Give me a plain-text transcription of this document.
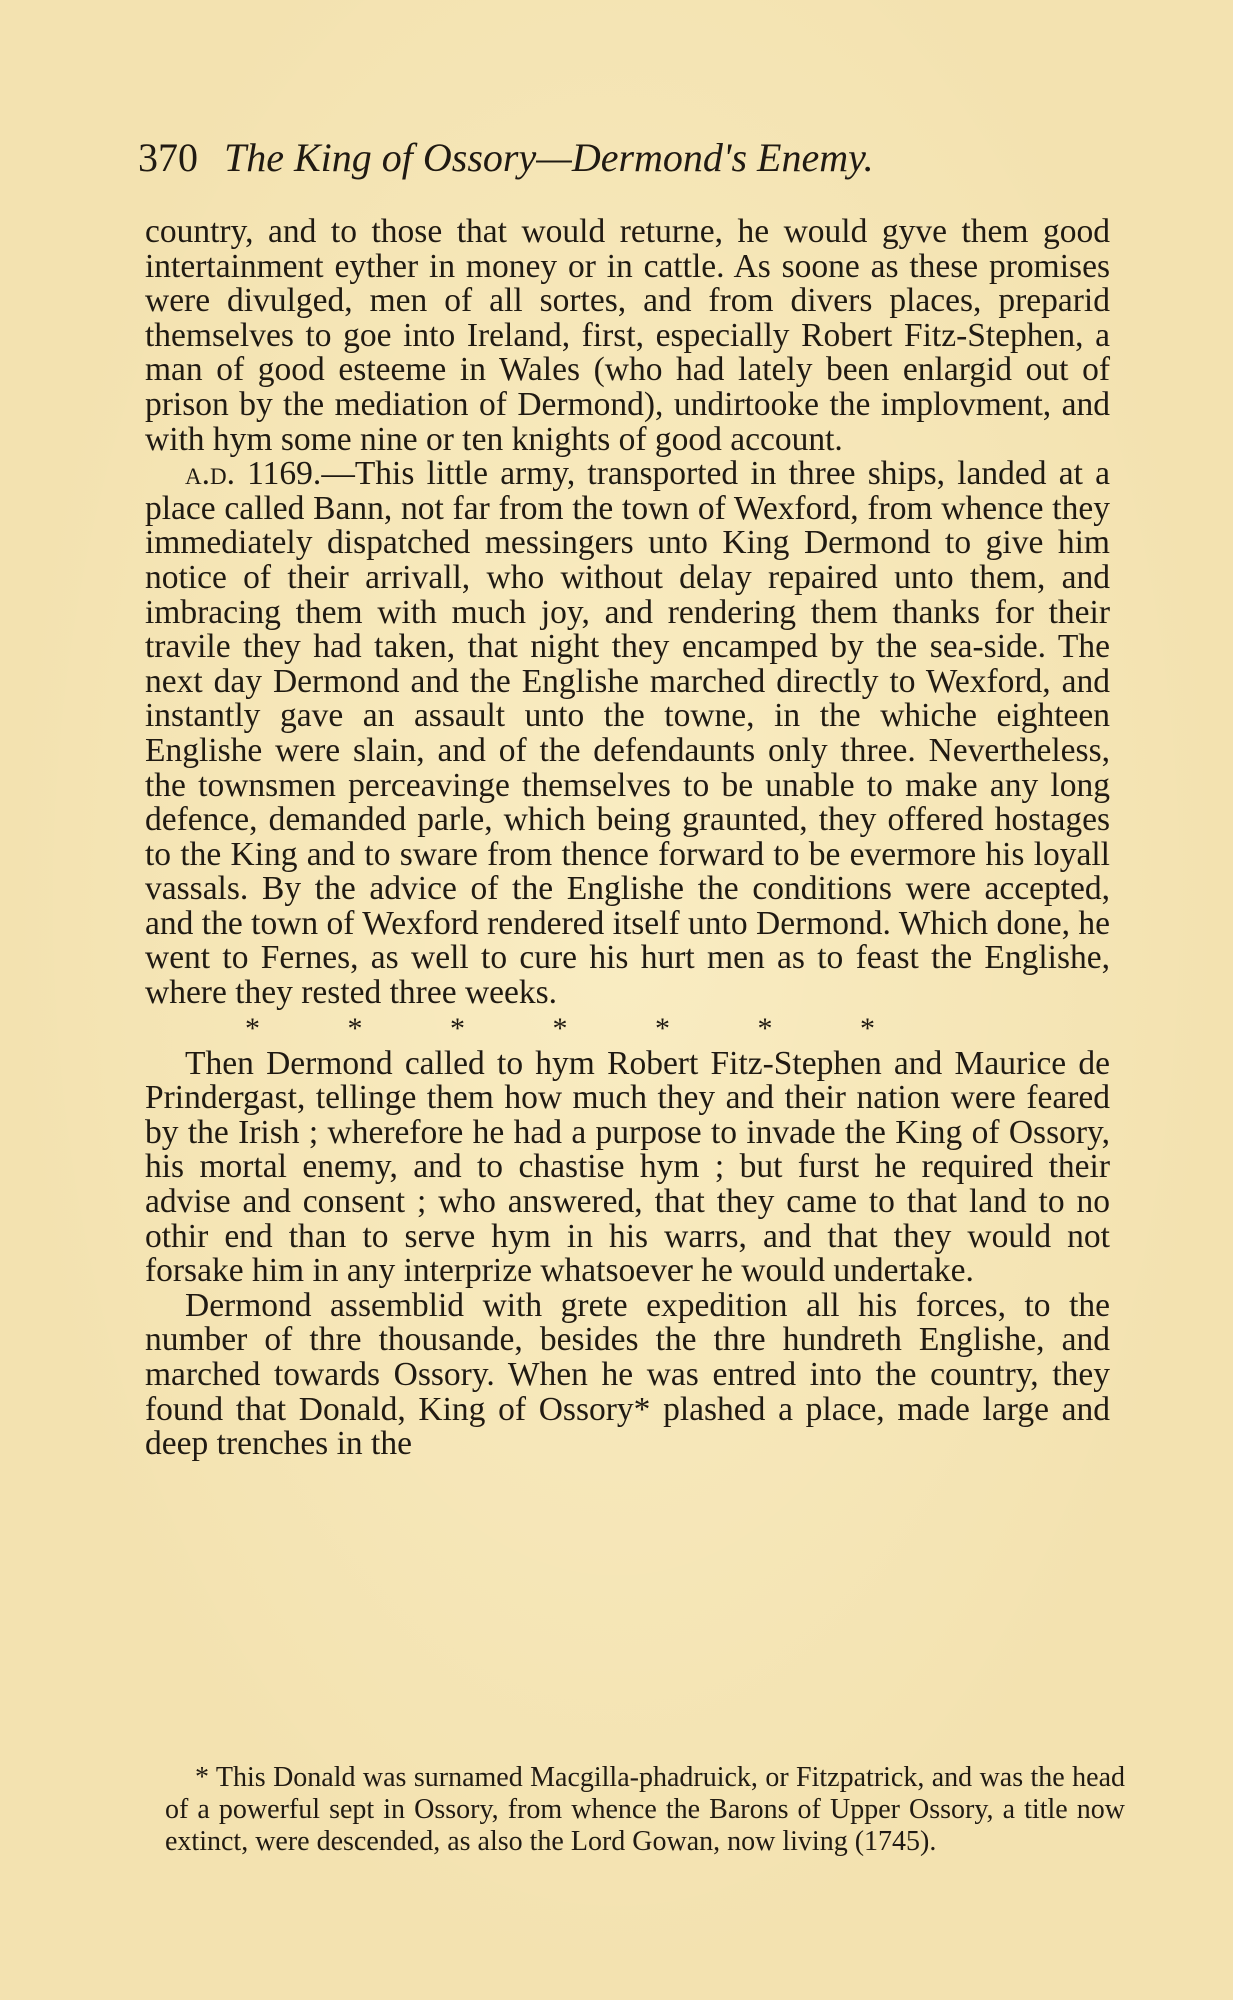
370 The King of Ossory—Dermond's Enemy.

country, and to those that would returne, he would gyve them good intertainment eyther in money or in cattle. As soone as these promises were divulged, men of all sortes, and from divers places, preparid themselves to goe into Ireland, first, especially Robert Fitz-Stephen, a man of good esteeme in Wales (who had lately been enlargid out of prison by the mediation of Dermond), undirtooke the implovment, and with hym some nine or ten knights of good account.

a.d. 1169.—This little army, transported in three ships, landed at a place called Bann, not far from the town of Wexford, from whence they immediately dispatched messingers unto King Dermond to give him notice of their arrivall, who without delay repaired unto them, and imbracing them with much joy, and rendering them thanks for their travile they had taken, that night they encamped by the sea-side. The next day Dermond and the Englishe marched directly to Wexford, and instantly gave an assault unto the towne, in the whiche eighteen Englishe were slain, and of the defendaunts only three. Nevertheless, the townsmen perceavinge themselves to be unable to make any long defence, demanded parle, which being graunted, they offered hostages to the King and to sware from thence forward to be evermore his loyall vassals. By the advice of the Englishe the conditions were accepted, and the town of Wexford rendered itself unto Dermond. Which done, he went to Fernes, as well to cure his hurt men as to feast the Englishe, where they rested three weeks.

* * * * * * *

Then Dermond called to hym Robert Fitz-Stephen and Maurice de Prindergast, tellinge them how much they and their nation were feared by the Irish ; wherefore he had a purpose to invade the King of Ossory, his mortal enemy, and to chastise hym ; but furst he required their advise and consent ; who answered, that they came to that land to no othir end than to serve hym in his warrs, and that they would not forsake him in any interprize whatsoever he would undertake.

Dermond assemblid with grete expedition all his forces, to the number of thre thousande, besides the thre hundreth Englishe, and marched towards Ossory. When he was entred into the country, they found that Donald, King of Ossory* plashed a place, made large and deep trenches in the

* This Donald was surnamed Macgilla-phadruick, or Fitzpatrick, and was the head of a powerful sept in Ossory, from whence the Barons of Upper Ossory, a title now extinct, were descended, as also the Lord Gowan, now living (1745).
